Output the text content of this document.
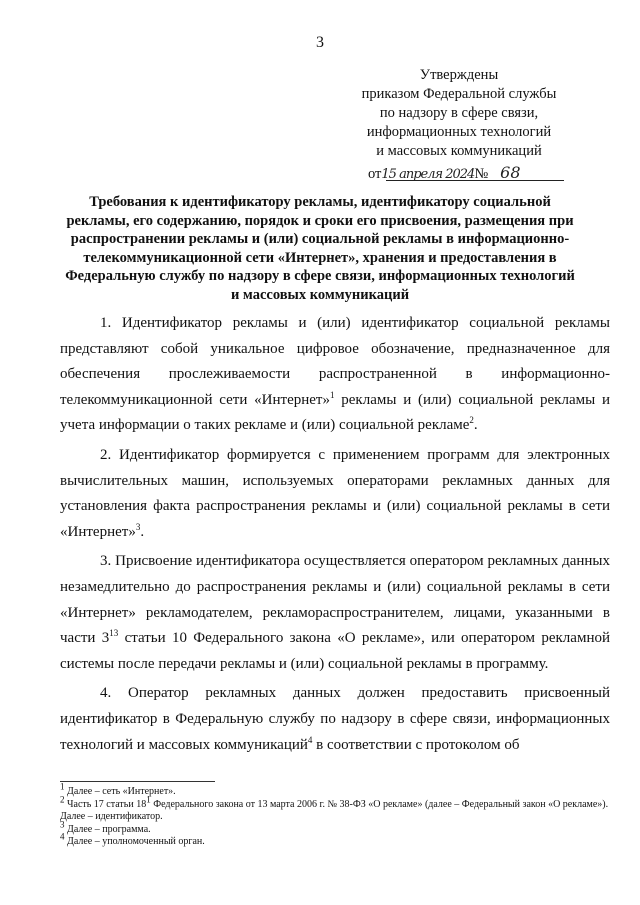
3
Утверждены
приказом Федеральной службы
по надзору в сфере связи,
информационных технологий
и массовых коммуникаций
от15 апреля 2024№ 68
Требования к идентификатору рекламы, идентификатору социальной рекламы, его содержанию, порядок и сроки его присвоения, размещения при распространении рекламы и (или) социальной рекламы в информационно-телекоммуникационной сети «Интернет», хранения и предоставления в Федеральную службу по надзору в сфере связи, информационных технологий и массовых коммуникаций

1. Идентификатор рекламы и (или) идентификатор социальной рекламы представляют собой уникальное цифровое обозначение, предназначенное для обеспечения прослеживаемости распространенной в информационно-телекоммуникационной сети «Интернет»$^1$ рекламы и (или) социальной рекламы и учета информации о таких рекламе и (или) социальной рекламе$^2$.

2. Идентификатор формируется с применением программ для электронных вычислительных машин, используемых операторами рекламных данных для установления факта распространения рекламы и (или) социальной рекламы в сети «Интернет»$^3$.

3. Присвоение идентификатора осуществляется оператором рекламных данных незамедлительно до распространения рекламы и (или) социальной рекламы в сети «Интернет» рекламодателем, рекламораспространителем, лицами, указанными в части $3^{13}$ статьи 10 Федерального закона «О рекламе», или оператором рекламной системы после передачи рекламы и (или) социальной рекламы в программу.

4. Оператор рекламных данных должен предоставить присвоенный идентификатор в Федеральную службу по надзору в сфере связи, информационных технологий и массовых коммуникаций$^4$ в соответствии с протоколом об

$^1$ Далее – сеть «Интернет».
$^2$ Часть 17 статьи $18^1$ Федерального закона от 13 марта 2006 г. № 38-ФЗ «О рекламе» (далее – Федеральный закон «О рекламе»). Далее – идентификатор.
$^3$ Далее – программа.
$^4$ Далее – уполномоченный орган.
